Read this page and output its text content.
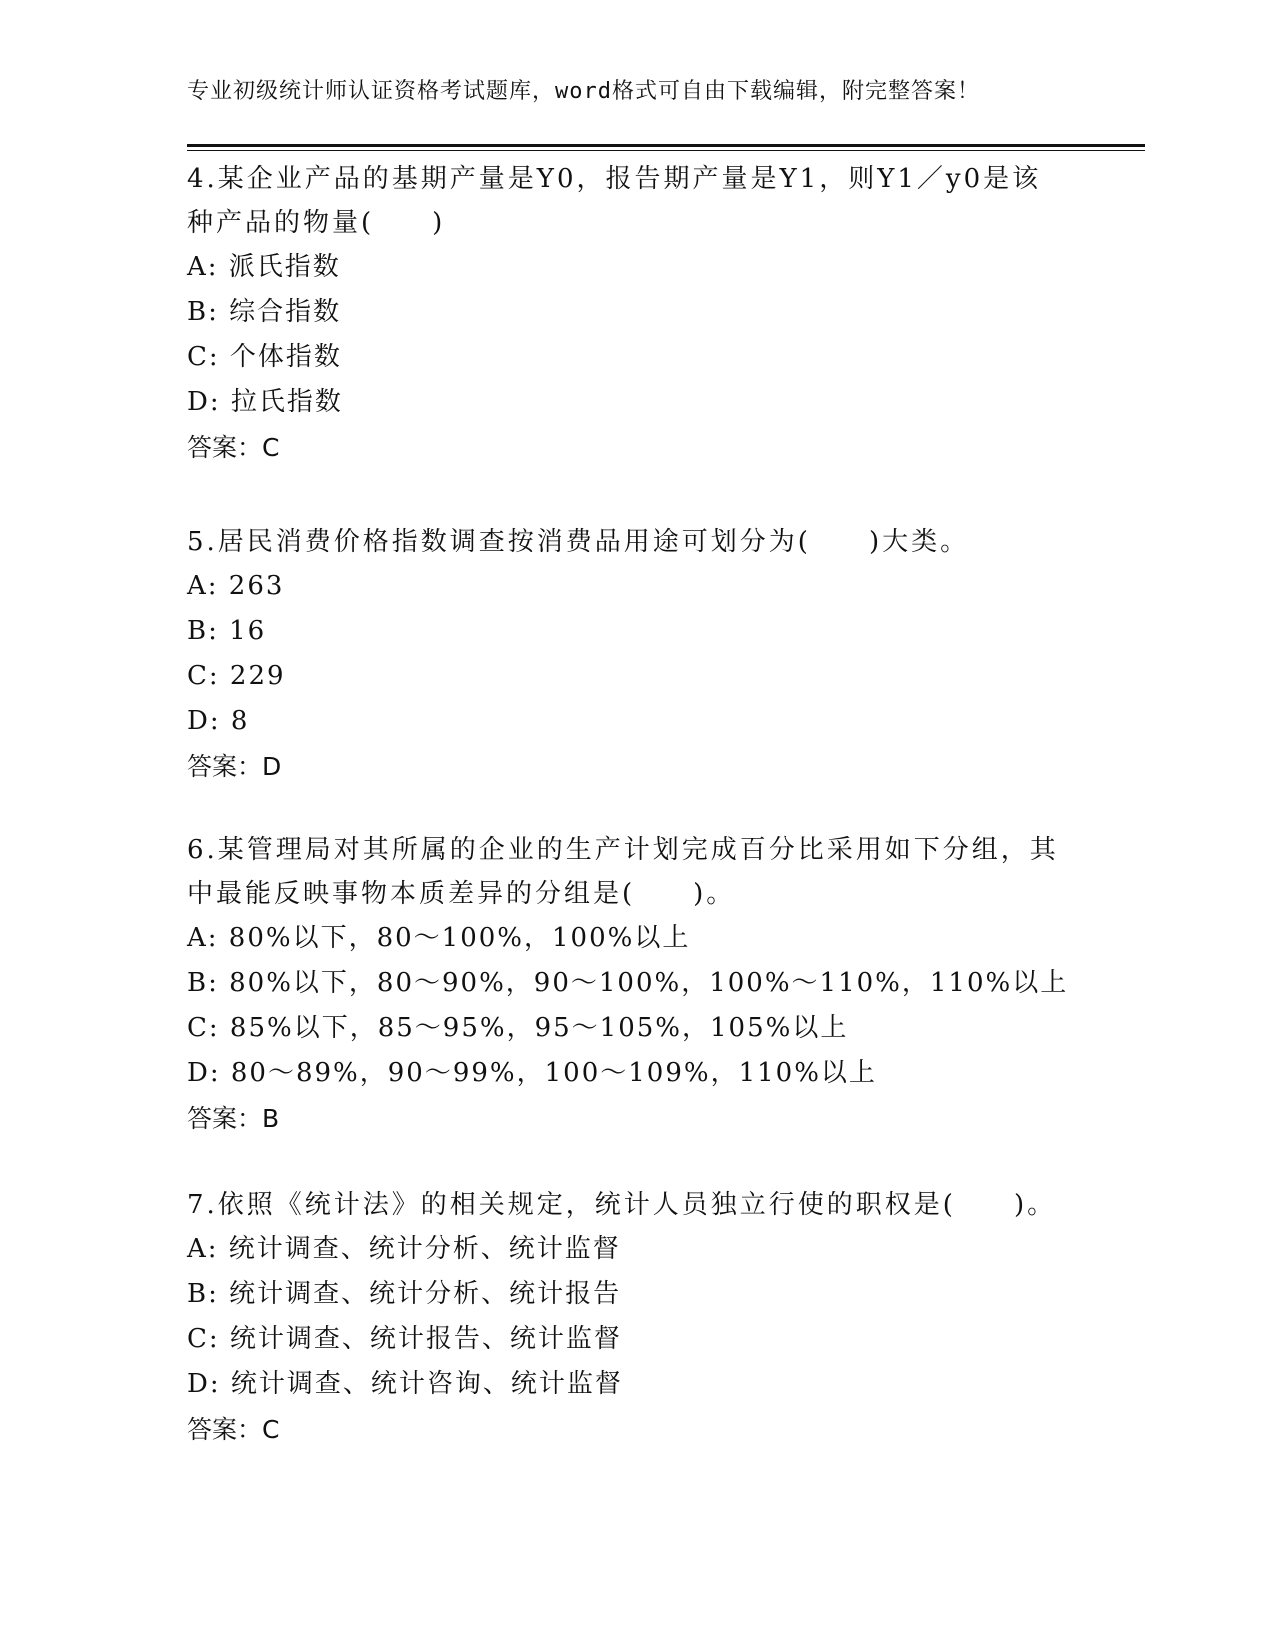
专业初级统计师认证资格考试题库，word格式可自由下载编辑，附完整答案！

4.某企业产品的基期产量是Y0，报告期产量是Y1，则Y1／y0是该种产品的物量(　　)

A: 派氏指数

B: 综合指数

C: 个体指数

D: 拉氏指数

答案：C

5.居民消费价格指数调查按消费品用途可划分为(　　)大类。

A: 263

B: 16

C: 229

D: 8

答案：D

6.某管理局对其所属的企业的生产计划完成百分比采用如下分组，其中最能反映事物本质差异的分组是(　　)。

A: 80%以下，80～100%，100%以上

B: 80%以下，80～90%，90～100%，100%～110%，110%以上

C: 85%以下，85～95%，95～105%，105%以上

D: 80～89%，90～99%，100～109%，110%以上

答案：B

7.依照《统计法》的相关规定，统计人员独立行使的职权是(　　)。

A: 统计调查、统计分析、统计监督

B: 统计调查、统计分析、统计报告

C: 统计调查、统计报告、统计监督

D: 统计调查、统计咨询、统计监督

答案：C
